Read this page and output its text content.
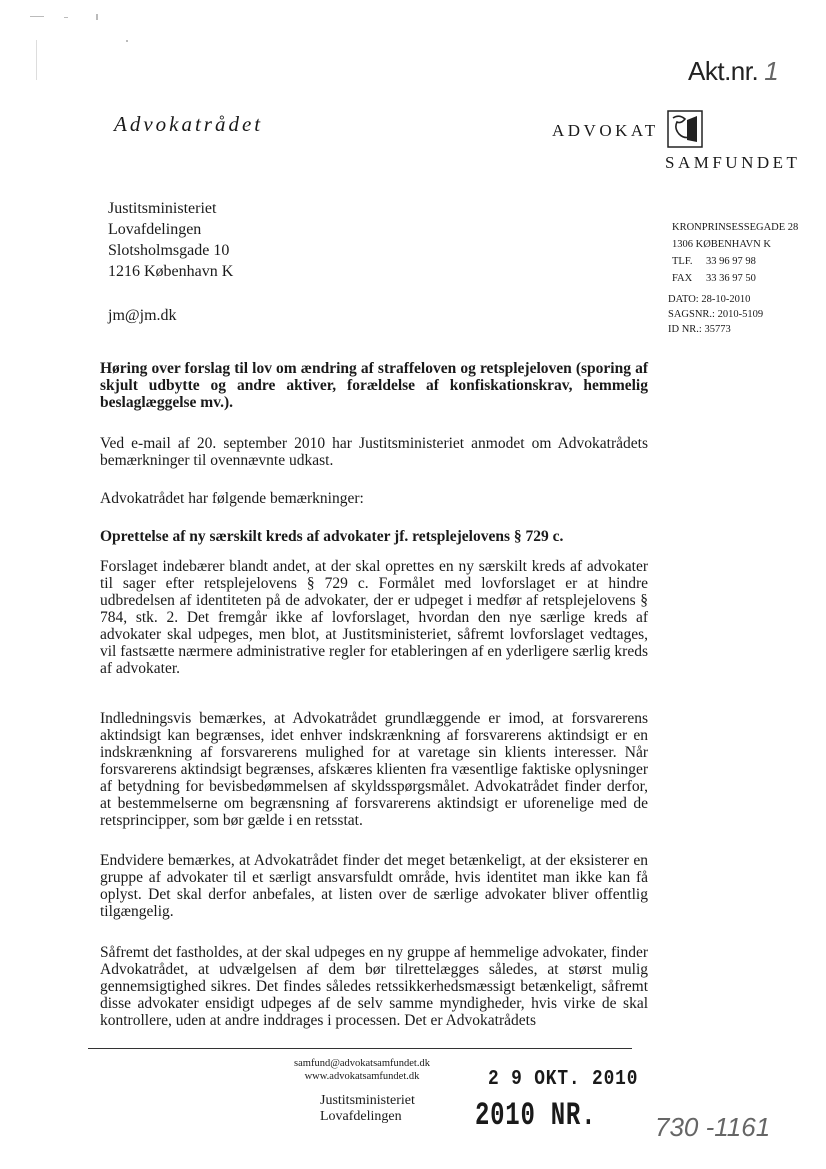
Akt.nr. 1
Advokatrådet	ADVOKAT
SAMFUNDET
Justitsministeriet
Lovafdelingen
Slotsholmsgade 10
1216 København K
jm@jm.dk
KRONPRINSESSEGADE 28
1306 KØBENHAVN K
TLF. 33 96 97 98
FAX 33 36 97 50
DATO: 28-10-2010
SAGSNR.: 2010-5109
ID NR.: 35773
Høring over forslag til lov om ændring af straffeloven og retsplejeloven (sporing af skjult udbytte og andre aktiver, forældelse af konfiskationskrav, hemmelig beslaglæggelse mv.).
Ved e-mail af 20. september 2010 har Justitsministeriet anmodet om Advokatrådets bemærkninger til ovennævnte udkast.
Advokatrådet har følgende bemærkninger:
Oprettelse af ny særskilt kreds af advokater jf. retsplejelovens § 729 c.
Forslaget indebærer blandt andet, at der skal oprettes en ny særskilt kreds af advokater til sager efter retsplejelovens § 729 c. Formålet med lovforslaget er at hindre udbredelsen af identiteten på de advokater, der er udpeget i medfør af retsplejelovens § 784, stk. 2. Det fremgår ikke af lovforslaget, hvordan den nye særlige kreds af advokater skal udpeges, men blot, at Justitsministeriet, såfremt lovforslaget vedtages, vil fastsætte nærmere administrative regler for etableringen af en yderligere særlig kreds af advokater.
Indledningsvis bemærkes, at Advokatrådet grundlæggende er imod, at forsvarerens aktindsigt kan begrænses, idet enhver indskrænkning af forsvarerens aktindsigt er en indskrænkning af forsvarerens mulighed for at varetage sin klients interesser. Når forsvarerens aktindsigt begrænses, afskæres klienten fra væsentlige faktiske oplysninger af betydning for bevisbedømmelsen af skyldsspørgsmålet. Advokatrådet finder derfor, at bestemmelserne om begrænsning af forsvarerens aktindsigt er uforenelige med de retsprincipper, som bør gælde i en retsstat.
Endvidere bemærkes, at Advokatrådet finder det meget betænkeligt, at der eksisterer en gruppe af advokater til et særligt ansvarsfuldt område, hvis identitet man ikke kan få oplyst. Det skal derfor anbefales, at listen over de særlige advokater bliver offentlig tilgængelig.
Såfremt det fastholdes, at der skal udpeges en ny gruppe af hemmelige advokater, finder Advokatrådet, at udvælgelsen af dem bør tilrettelægges således, at størst mulig gennemsigtighed sikres. Det findes således retssikkerhedsmæssigt betænkeligt, såfremt disse advokater ensidigt udpeges af de selv samme myndigheder, hvis virke de skal kontrollere, uden at andre inddrages i processen. Det er Advokatrådets
samfund@advokatsamfundet.dk
www.advokatsamfundet.dk	2 9 OKT. 2010
Justitsministeriet
Lovafdelingen	2010 NR. 730 -1161
